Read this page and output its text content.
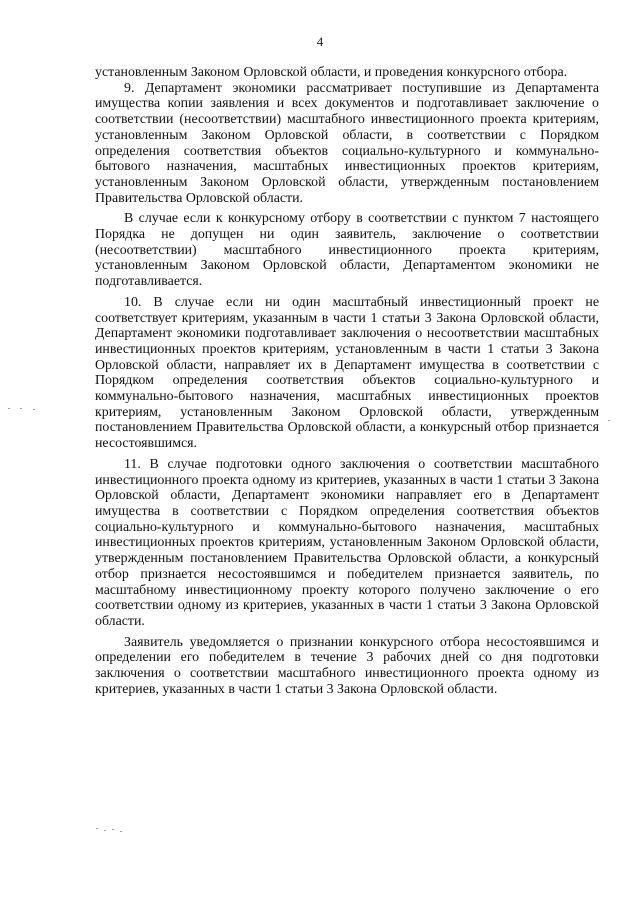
4

установленным Законом Орловской области, и проведения конкурсного отбора.

9. Департамент экономики рассматривает поступившие из Департамента имущества копии заявления и всех документов и подготавливает заключение о соответствии (несоответствии) масштабного инвестиционного проекта критериям, установленным Законом Орловской области, в соответствии с Порядком определения соответствия объектов социально-культурного и коммунально-бытового назначения, масштабных инвестиционных проектов критериям, установленным Законом Орловской области, утвержденным постановлением Правительства Орловской области.

В случае если к конкурсному отбору в соответствии с пунктом 7 настоящего Порядка не допущен ни один заявитель, заключение о соответствии (несоответствии) масштабного инвестиционного проекта критериям, установленным Законом Орловской области, Департаментом экономики не подготавливается.

10. В случае если ни один масштабный инвестиционный проект не соответствует критериям, указанным в части 1 статьи 3 Закона Орловской области, Департамент экономики подготавливает заключения о несоответствии масштабных инвестиционных проектов критериям, установленным в части 1 статьи 3 Закона Орловской области, направляет их в Департамент имущества в соответствии с Порядком определения соответствия объектов социально-культурного и коммунально-бытового назначения, масштабных инвестиционных проектов критериям, установленным Законом Орловской области, утвержденным постановлением Правительства Орловской области, а конкурсный отбор признается несостоявшимся.

11. В случае подготовки одного заключения о соответствии масштабного инвестиционного проекта одному из критериев, указанных в части 1 статьи 3 Закона Орловской области, Департамент экономики направляет его в Департамент имущества в соответствии с Порядком определения соответствия объектов социально-культурного и коммунально-бытового назначения, масштабных инвестиционных проектов критериям, установленным Законом Орловской области, утвержденным постановлением Правительства Орловской области, а конкурсный отбор признается несостоявшимся и победителем признается заявитель, по масштабному инвестиционному проекту которого получено заключение о его соответствии одному из критериев, указанных в части 1 статьи 3 Закона Орловской области.

Заявитель уведомляется о признании конкурсного отбора несостоявшимся и определении его победителем в течение 3 рабочих дней со дня подготовки заключения о соответствии масштабного инвестиционного проекта одному из критериев, указанных в части 1 статьи 3 Закона Орловской области.
